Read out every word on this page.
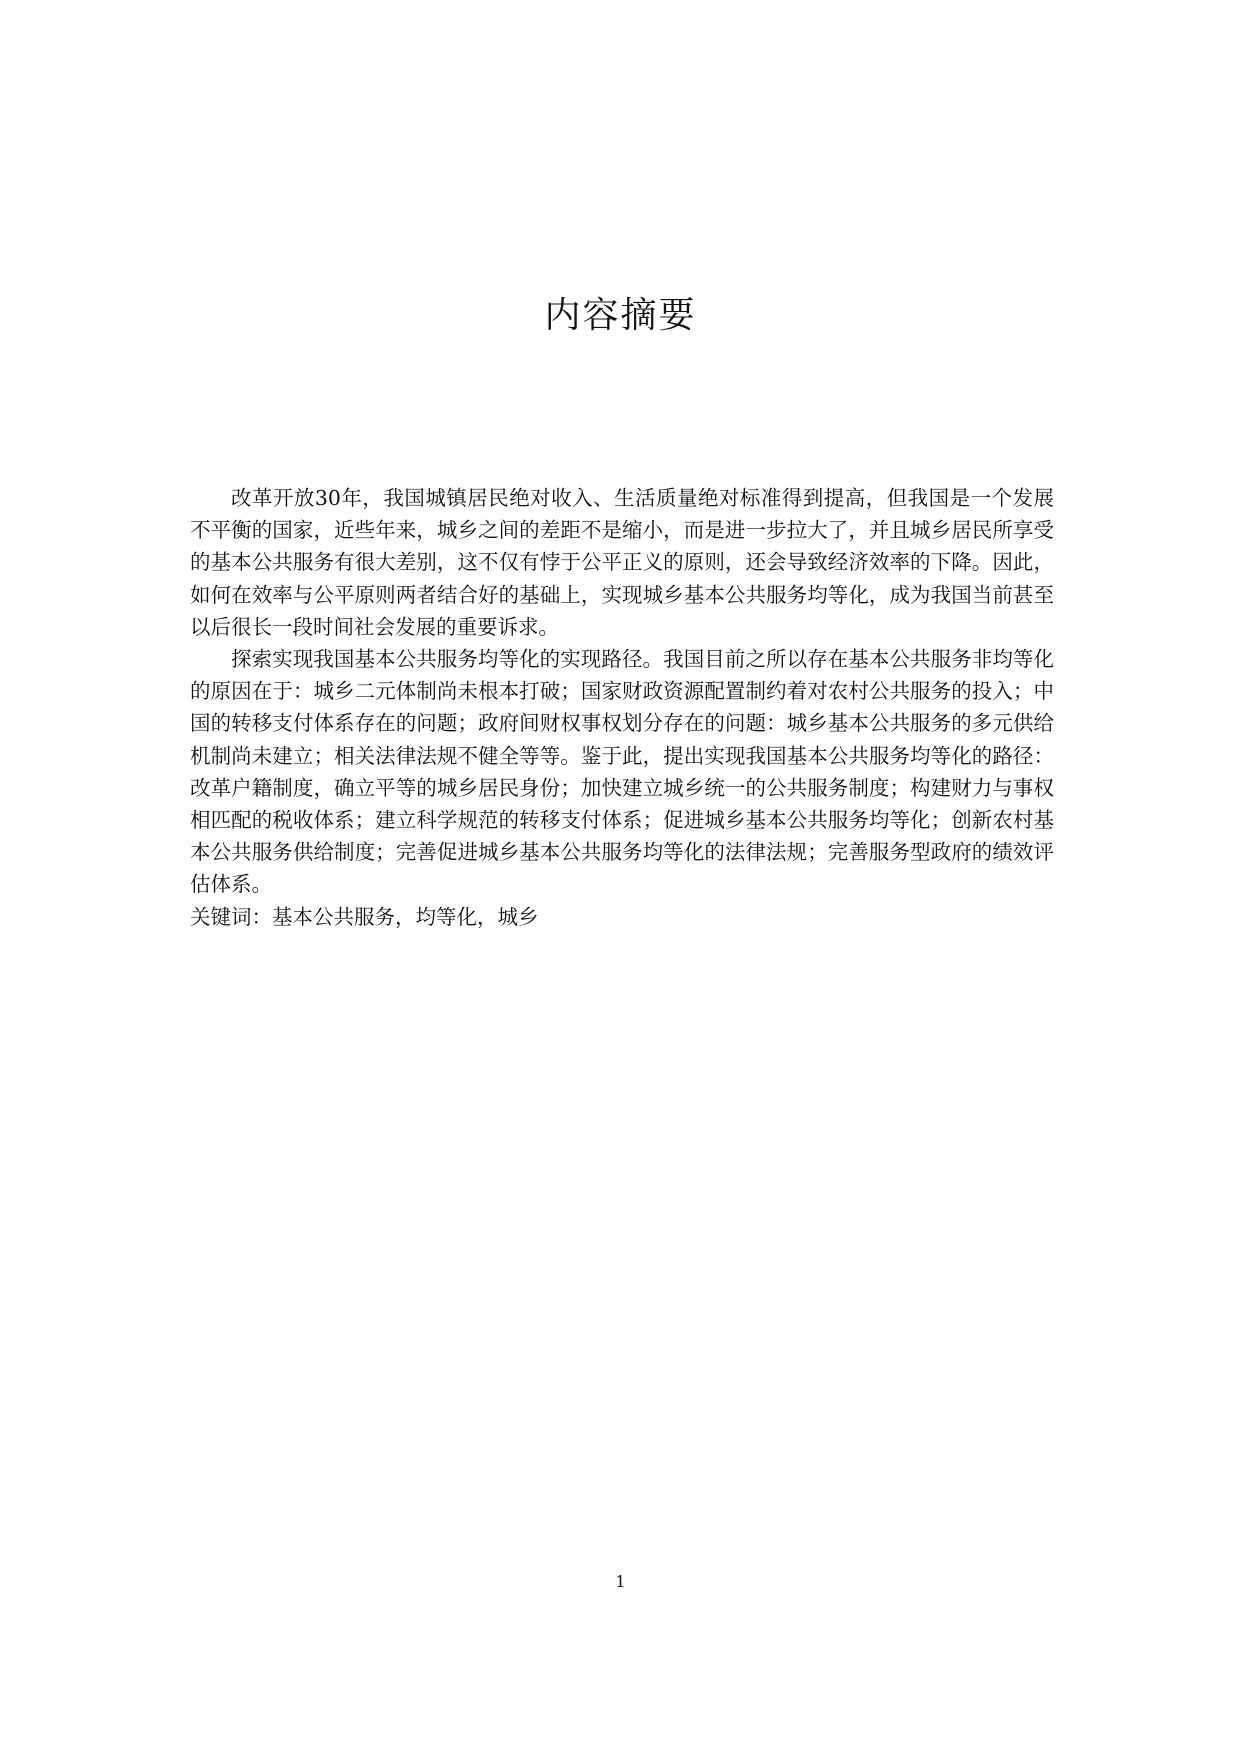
内容摘要

改革开放30年，我国城镇居民绝对收入、生活质量绝对标准得到提高，但我国是一个发展不平衡的国家，近些年来，城乡之间的差距不是缩小，而是进一步拉大了，并且城乡居民所享受的基本公共服务有很大差别，这不仅有悖于公平正义的原则，还会导致经济效率的下降。因此，如何在效率与公平原则两者结合好的基础上，实现城乡基本公共服务均等化，成为我国当前甚至以后很长一段时间社会发展的重要诉求。

探索实现我国基本公共服务均等化的实现路径。我国目前之所以存在基本公共服务非均等化的原因在于：城乡二元体制尚未根本打破；国家财政资源配置制约着对农村公共服务的投入；中国的转移支付体系存在的问题；政府间财权事权划分存在的问题：城乡基本公共服务的多元供给机制尚未建立；相关法律法规不健全等等。鉴于此，提出实现我国基本公共服务均等化的路径：改革户籍制度，确立平等的城乡居民身份；加快建立城乡统一的公共服务制度；构建财力与事权相匹配的税收体系；建立科学规范的转移支付体系；促进城乡基本公共服务均等化；创新农村基本公共服务供给制度；完善促进城乡基本公共服务均等化的法律法规；完善服务型政府的绩效评估体系。

关键词：基本公共服务，均等化，城乡

1
